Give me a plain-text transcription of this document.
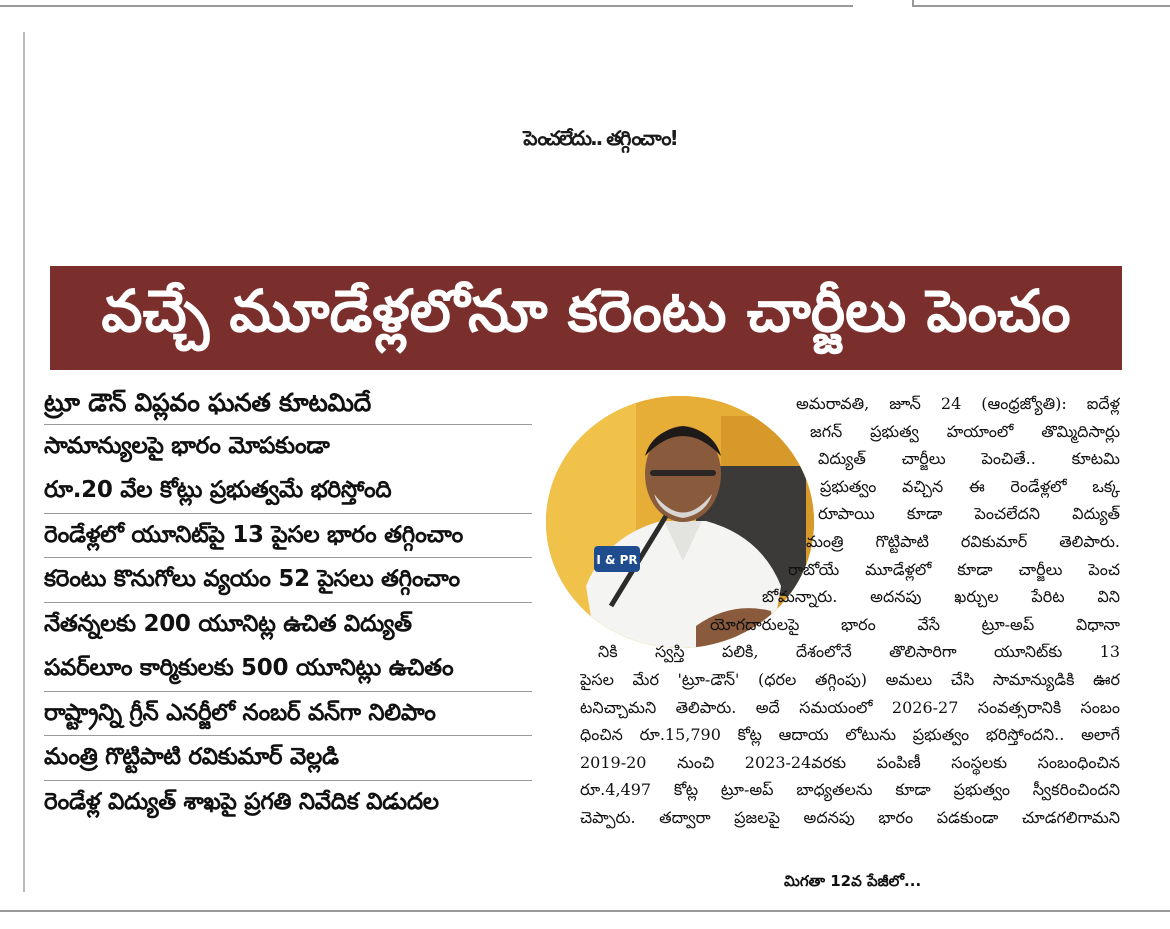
పెంచలేదు.. తగ్గించాం!
వచ్చే మూడేళ్లలోనూ కరెంటు చార్జీలు పెంచం
ట్రూ డౌన్ విప్లవం ఘనత కూటమిదే
సామాన్యులపై భారం మోపకుండా
రూ.20 వేల కోట్లు ప్రభుత్వమే భరిస్తోంది
రెండేళ్లలో యూనిట్‌పై 13 పైసల భారం తగ్గించాం
కరెంటు కొనుగోలు వ్యయం 52 పైసలు తగ్గించాం
నేతన్నలకు 200 యూనిట్ల ఉచిత విద్యుత్
పవర్‌లూం కార్మికులకు 500 యూనిట్లు ఉచితం
రాష్ట్రాన్ని గ్రీన్ ఎనర్జీలో నంబర్ వన్‌గా నిలిపాం
మంత్రి గొట్టిపాటి రవికుమార్ వెల్లడి
రెండేళ్ల విద్యుత్ శాఖపై ప్రగతి నివేదిక విడుదల
I & PR
అమరావతి, జూన్ 24 (ఆంధ్రజ్యోతి): ఐదేళ్ల
జగన్ ప్రభుత్వ హయాంలో తొమ్మిదిసార్లు
విద్యుత్ చార్జీలు పెంచితే.. కూటమి
ప్రభుత్వం వచ్చిన ఈ రెండేళ్లలో ఒక్క
రూపాయి కూడా పెంచలేదని విద్యుత్
మంత్రి గొట్టిపాటి రవికుమార్ తెలిపారు.
రాబోయే మూడేళ్లలో కూడా చార్జీలు పెంచ
బోమన్నారు. అదనపు ఖర్చుల పేరిట విని
యోగదారులపై భారం వేసే ట్రూ-అప్ విధానా
నికి స్వస్తి పలికి, దేశంలోనే తొలిసారిగా యూనిట్‌కు 13
పైసల మేర 'ట్రూ-డౌన్' (ధరల తగ్గింపు) అమలు చేసి సామాన్యుడికి ఊర
టనిచ్చామని తెలిపారు. అదే సమయంలో 2026-27 సంవత్సరానికి సంబం
ధించిన రూ.15,790 కోట్ల ఆదాయ లోటును ప్రభుత్వం భరిస్తోందని.. అలాగే
2019-20 నుంచి 2023-24వరకు పంపిణీ సంస్థలకు సంబంధించిన
రూ.4,497 కోట్ల ట్రూ-అప్ బాధ్యతలను కూడా ప్రభుత్వం స్వీకరించిందని
చెప్పారు. తద్వారా ప్రజలపై అదనపు భారం పడకుండా చూడగలిగామని
మిగతా 12వ పేజీలో...
